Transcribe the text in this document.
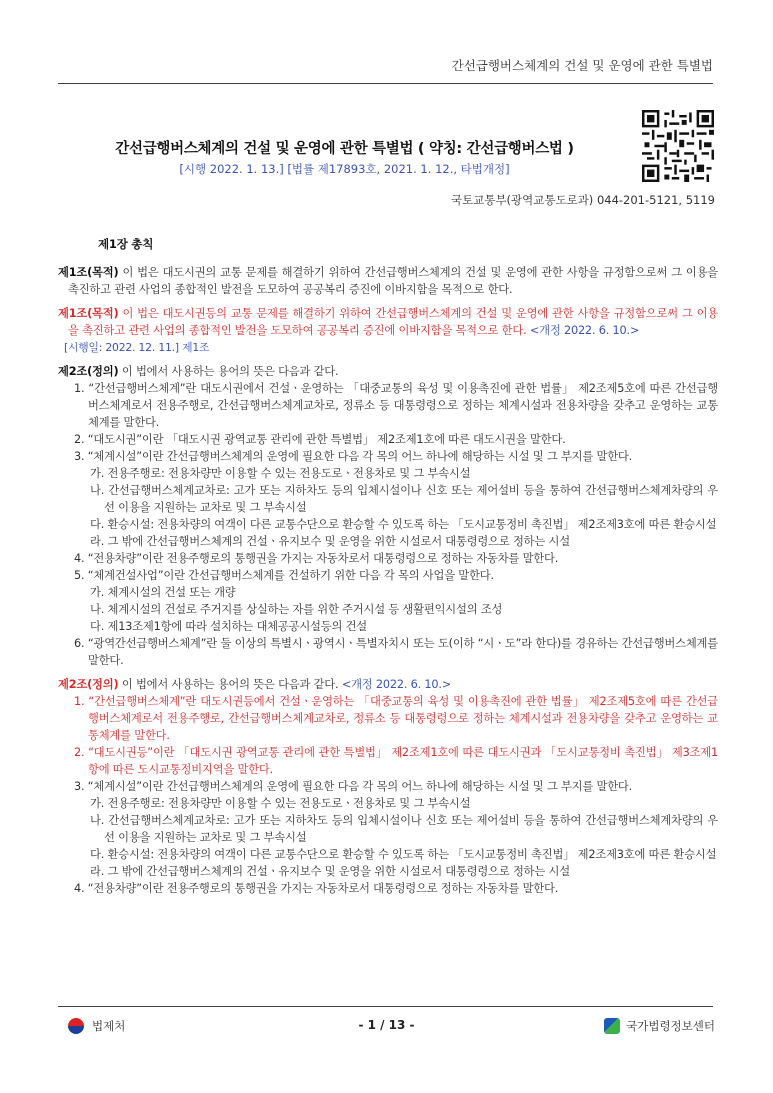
간선급행버스체계의 건설 및 운영에 관한 특별법
간선급행버스체계의 건설 및 운영에 관한 특별법 ( 약칭: 간선급행버스법 )
[시행 2022. 1. 13.] [법률 제17893호, 2021. 1. 12., 타법개정]
국토교통부(광역교통도로과) 044-201-5121, 5119
제1장 총칙
제1조(목적) 이 법은 대도시권의 교통 문제를 해결하기 위하여 간선급행버스체계의 건설 및 운영에 관한 사항을 규정함으로써 그 이용을 촉진하고 관련 사업의 종합적인 발전을 도모하여 공공복리 증진에 이바지함을 목적으로 한다.
제1조(목적) 이 법은 대도시권등의 교통 문제를 해결하기 위하여 간선급행버스체계의 건설 및 운영에 관한 사항을 규정함으로써 그 이용을 촉진하고 관련 사업의 종합적인 발전을 도모하여 공공복리 증진에 이바지함을 목적으로 한다. <개정 2022. 6. 10.>
[시행일: 2022. 12. 11.] 제1조
제2조(정의) 이 법에서 사용하는 용어의 뜻은 다음과 같다.
1. “간선급행버스체계”란 대도시권에서 건설ㆍ운영하는 「대중교통의 육성 및 이용촉진에 관한 법률」 제2조제5호에 따른 간선급행버스체계로서 전용주행로, 간선급행버스체계교차로, 정류소 등 대통령령으로 정하는 체계시설과 전용차량을 갖추고 운영하는 교통체계를 말한다.
2. “대도시권”이란 「대도시권 광역교통 관리에 관한 특별법」 제2조제1호에 따른 대도시권을 말한다.
3. “체계시설”이란 간선급행버스체계의 운영에 필요한 다음 각 목의 어느 하나에 해당하는 시설 및 그 부지를 말한다.
가. 전용주행로: 전용차량만 이용할 수 있는 전용도로ㆍ전용차로 및 그 부속시설
나. 간선급행버스체계교차로: 고가 또는 지하차도 등의 입체시설이나 신호 또는 제어설비 등을 통하여 간선급행버스체계차량의 우선 이용을 지원하는 교차로 및 그 부속시설
다. 환승시설: 전용차량의 여객이 다른 교통수단으로 환승할 수 있도록 하는 「도시교통정비 촉진법」 제2조제3호에 따른 환승시설
라. 그 밖에 간선급행버스체계의 건설ㆍ유지보수 및 운영을 위한 시설로서 대통령령으로 정하는 시설
4. “전용차량”이란 전용주행로의 통행권을 가지는 자동차로서 대통령령으로 정하는 자동차를 말한다.
5. “체계건설사업”이란 간선급행버스체계를 건설하기 위한 다음 각 목의 사업을 말한다.
가. 체계시설의 건설 또는 개량
나. 체계시설의 건설로 주거지를 상실하는 자를 위한 주거시설 등 생활편익시설의 조성
다. 제13조제1항에 따라 설치하는 대체공공시설등의 건설
6. “광역간선급행버스체계”란 둘 이상의 특별시ㆍ광역시ㆍ특별자치시 또는 도(이하 “시ㆍ도”라 한다)를 경유하는 간선급행버스체계를 말한다.
제2조(정의) 이 법에서 사용하는 용어의 뜻은 다음과 같다. <개정 2022. 6. 10.>
1. “간선급행버스체계”란 대도시권등에서 건설ㆍ운영하는 「대중교통의 육성 및 이용촉진에 관한 법률」 제2조제5호에 따른 간선급행버스체계로서 전용주행로, 간선급행버스체계교차로, 정류소 등 대통령령으로 정하는 체계시설과 전용차량을 갖추고 운영하는 교통체계를 말한다.
2. “대도시권등”이란 「대도시권 광역교통 관리에 관한 특별법」 제2조제1호에 따른 대도시권과 「도시교통정비 촉진법」 제3조제1항에 따른 도시교통정비지역을 말한다.
3. “체계시설”이란 간선급행버스체계의 운영에 필요한 다음 각 목의 어느 하나에 해당하는 시설 및 그 부지를 말한다.
가. 전용주행로: 전용차량만 이용할 수 있는 전용도로ㆍ전용차로 및 그 부속시설
나. 간선급행버스체계교차로: 고가 또는 지하차도 등의 입체시설이나 신호 또는 제어설비 등을 통하여 간선급행버스체계차량의 우선 이용을 지원하는 교차로 및 그 부속시설
다. 환승시설: 전용차량의 여객이 다른 교통수단으로 환승할 수 있도록 하는 「도시교통정비 촉진법」 제2조제3호에 따른 환승시설
라. 그 밖에 간선급행버스체계의 건설ㆍ유지보수 및 운영을 위한 시설로서 대통령령으로 정하는 시설
4. “전용차량”이란 전용주행로의 통행권을 가지는 자동차로서 대통령령으로 정하는 자동차를 말한다.
법제처	- 1 / 13 -	국가법령정보센터
